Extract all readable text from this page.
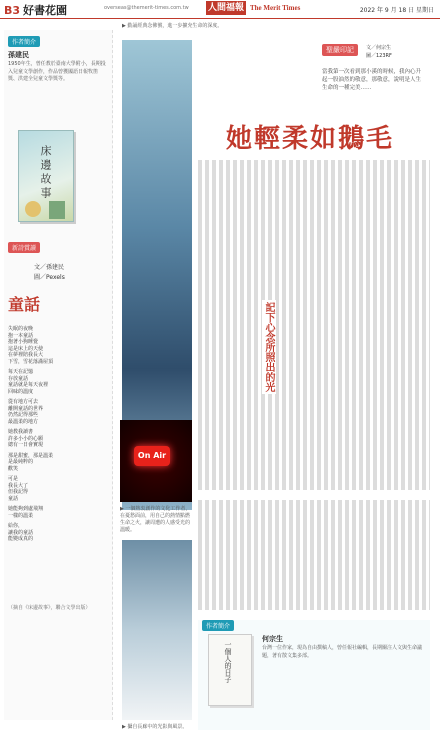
B3 好書花園	overseas@themerit-times.com.tw 人間福報 The Merit Times	2022 年 9 月 18 日 星期日
▶ 勤誦經典念佛號，進一步擴充生命的深度。
作者簡介
孫建民
1950年生，曾任教於臺南大學附小，長期投入兒童文學創作，作品曾獲國語日報牧笛獎、洪建全兒童文學獎等。
床邊故事
新詩賞讀
文／孫建民
圖／Pexels
童話
失眠的夜晚
抱一本童話
抱著小狗睡覺
這是床上的天使
在夢裡陪我長大
下雪，雪花落滿屋頂
每天在記憶
存放童話
童話就是每天夜裡
回味的溫度
從有地方可去
離開童話的世界
仍然記得那些
最溫柔的地方
她教我讀書
許多小小的心願
總有一日會實現
那是甜蜜，那是溫柔
是最純粹的
歡笑
可是
我長大了
但我記得
童話
她能夠到處飛翔
一樣的溫柔
給你，
讓我的童話
能變成真的
（摘自《床邊故事》，聯合文學出版）
聖嚴印記	文／何宗生
圖／123RF
當我第一次看到那小溪的時候，我內心升起一股油然的敬意，那敬意，說明是人生生命的一種完美……
她輕柔如鵝毛
記下心念所照出的光
On Air
▶ 一個熱衷創作的文化工作者，在憂愁面前，用自己的熱情點燃生命之火，讓周遭的人感受光的溫暖。
▶ 攝自長廊中的光影與風景。
作者簡介
一個人的日子
何宗生
台灣一位作家，現為自由撰稿人，曾任報社編輯，長期關注人文與生命議題，著有散文集多部。
